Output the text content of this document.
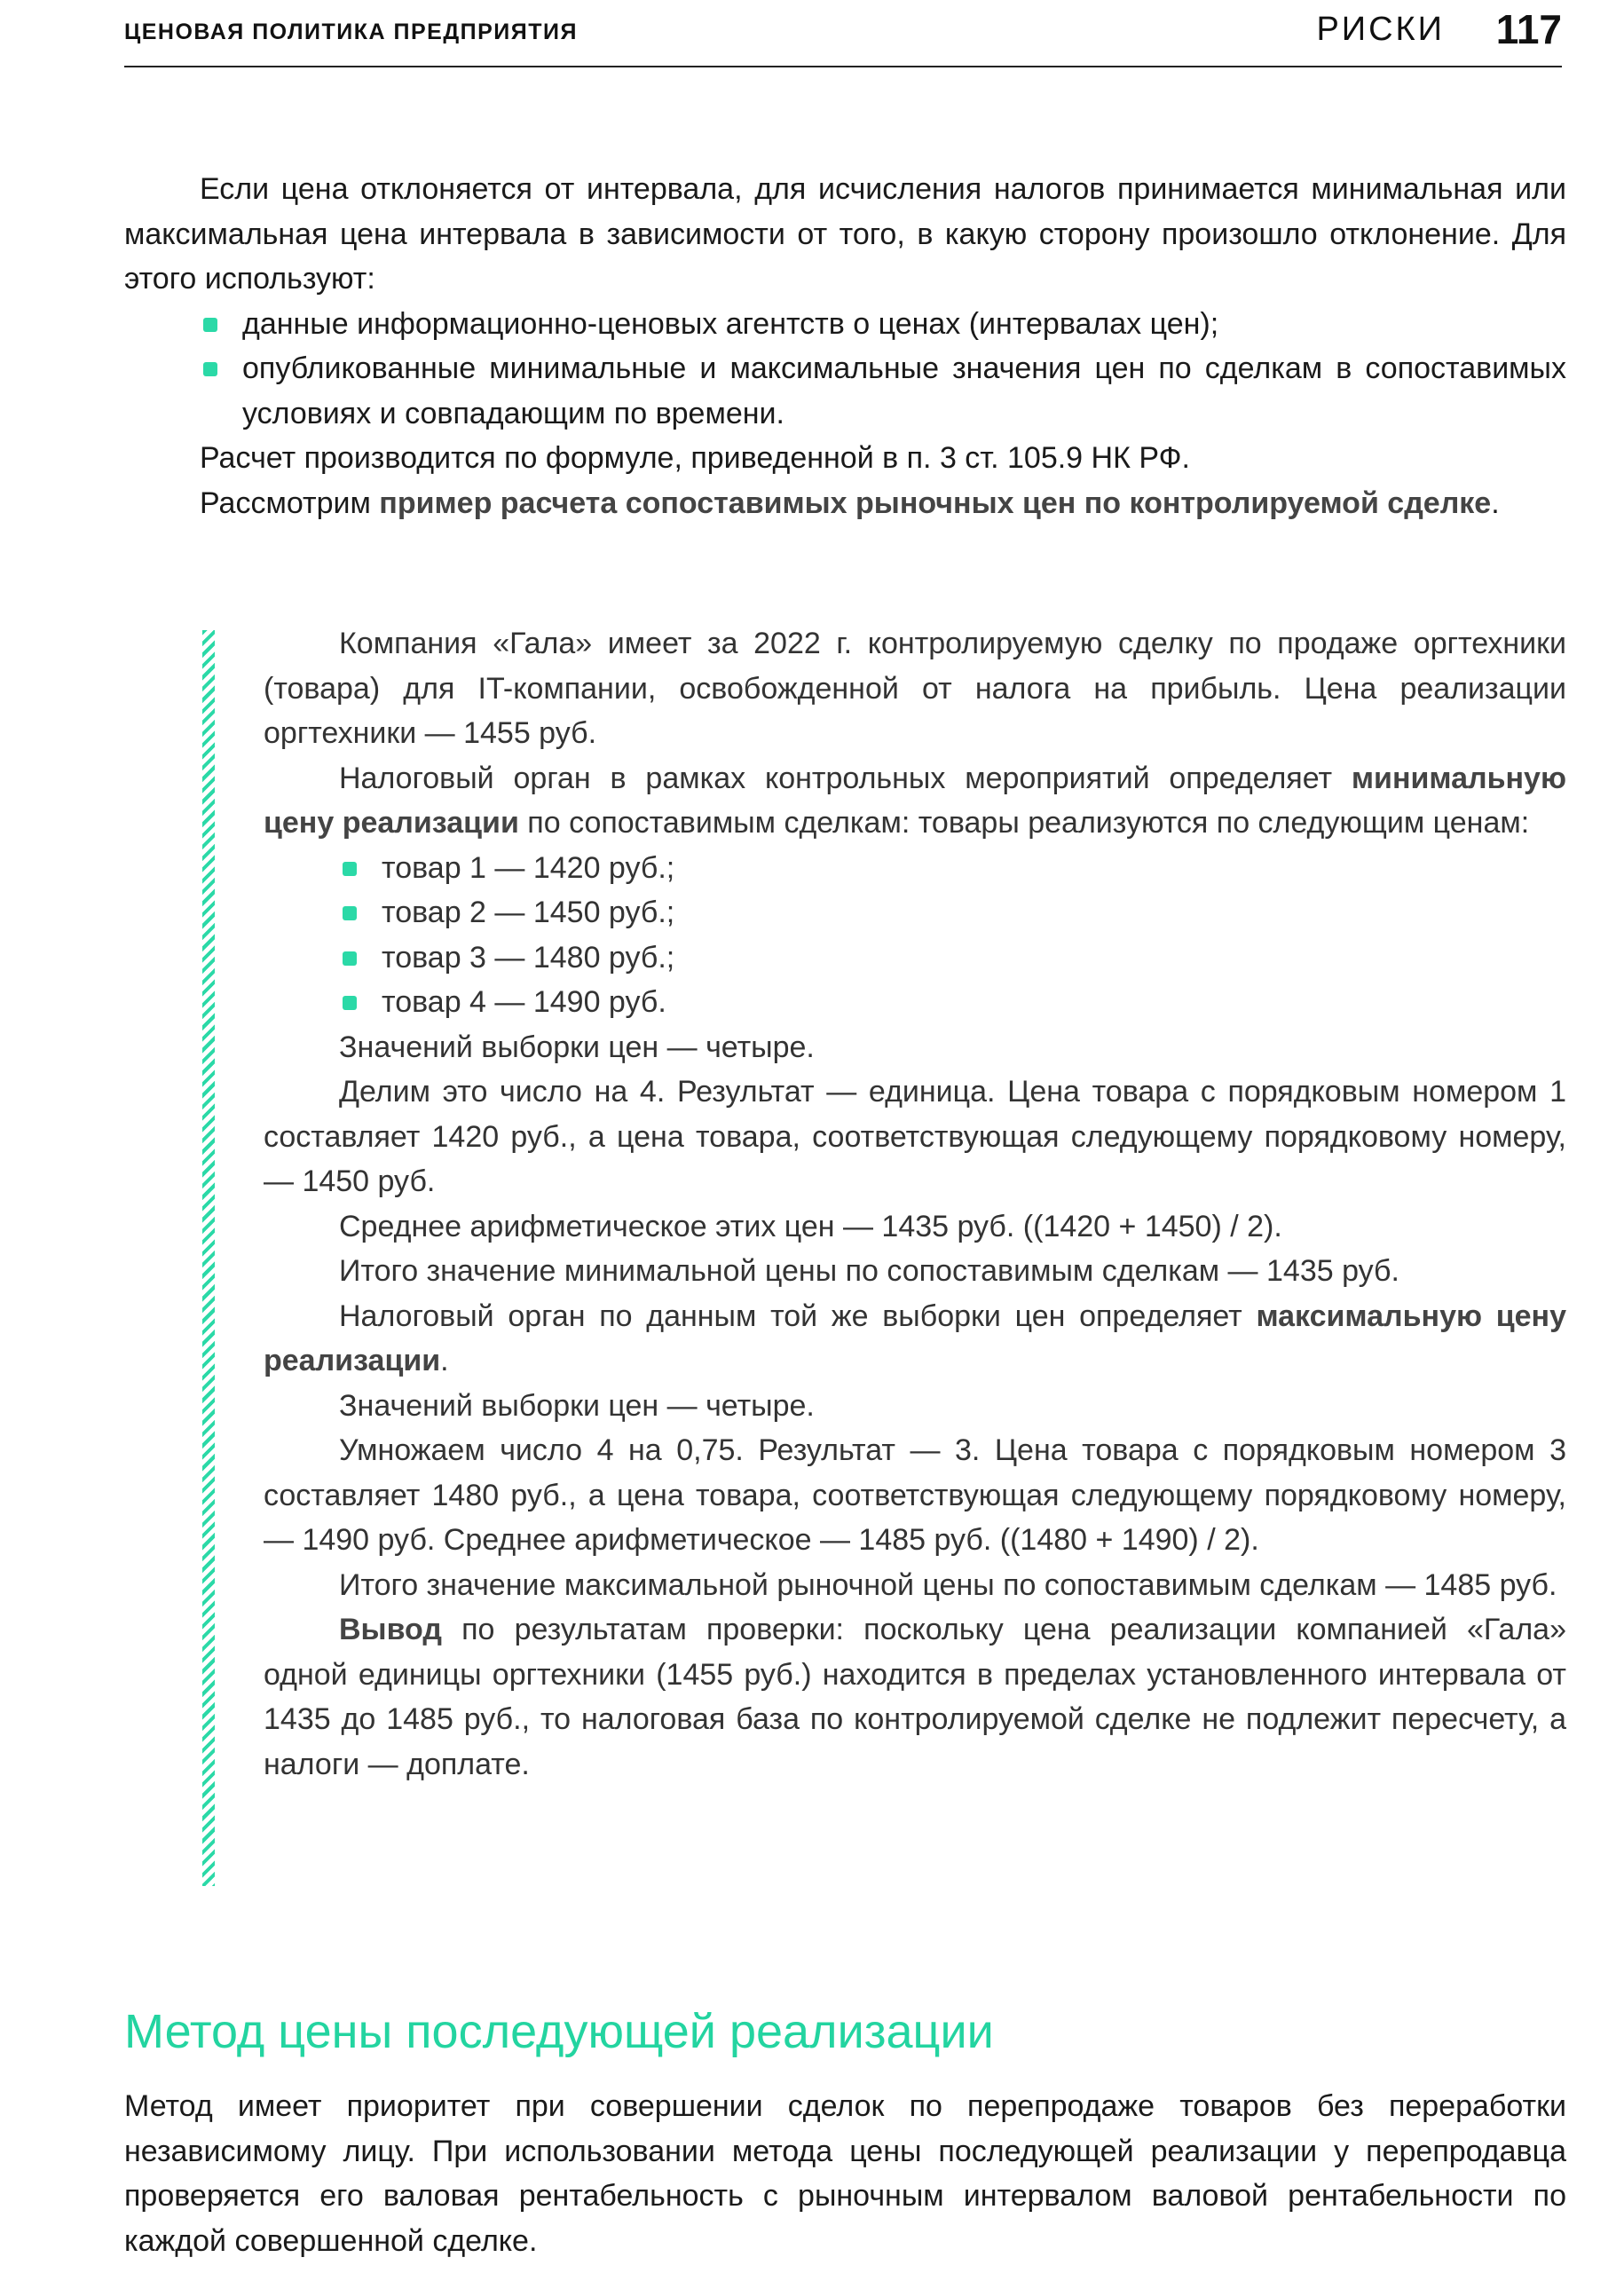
ЦЕНОВАЯ ПОЛИТИКА ПРЕДПРИЯТИЯ	РИСКИ 117

Если цена отклоняется от интервала, для исчисления налогов принимается минимальная или максимальная цена интервала в зависимости от того, в какую сторону произошло отклонение. Для этого используют:

данные информационно-ценовых агентств о ценах (интервалах цен);
опубликованные минимальные и максимальные значения цен по сделкам в сопоставимых условиях и совпадающим по времени.

Расчет производится по формуле, приведенной в п. 3 ст. 105.9 НК РФ.

Рассмотрим пример расчета сопоставимых рыночных цен по контролируемой сделке.

Компания «Гала» имеет за 2022 г. контролируемую сделку по продаже оргтехники (товара) для IT-компании, освобожденной от налога на прибыль. Цена реализации оргтехники — 1455 руб.

Налоговый орган в рамках контрольных мероприятий определяет минимальную цену реализации по сопоставимым сделкам: товары реализуются по следующим ценам:

товар 1 — 1420 руб.;
товар 2 — 1450 руб.;
товар 3 — 1480 руб.;
товар 4 — 1490 руб.

Значений выборки цен — четыре.

Делим это число на 4. Результат — единица. Цена товара с порядковым номером 1 составляет 1420 руб., а цена товара, соответствующая следующему порядковому номеру, — 1450 руб.

Среднее арифметическое этих цен — 1435 руб. ((1420 + 1450) / 2).

Итого значение минимальной цены по сопоставимым сделкам — 1435 руб.

Налоговый орган по данным той же выборки цен определяет максимальную цену реализации.

Значений выборки цен — четыре.

Умножаем число 4 на 0,75. Результат — 3. Цена товара с порядковым номером 3 составляет 1480 руб., а цена товара, соответствующая следующему порядковому номеру, — 1490 руб. Среднее арифметическое — 1485 руб. ((1480 + 1490) / 2).

Итого значение максимальной рыночной цены по сопоставимым сделкам — 1485 руб.

Вывод по результатам проверки: поскольку цена реализации компанией «Гала» одной единицы оргтехники (1455 руб.) находится в пределах установленного интервала от 1435 до 1485 руб., то налоговая база по контролируемой сделке не подлежит пересчету, а налоги — доплате.

Метод цены последующей реализации

Метод имеет приоритет при совершении сделок по перепродаже товаров без переработки независимому лицу. При использовании метода цены последующей реализации у перепродавца проверяется его валовая рентабельность с рыночным интервалом валовой рентабельности по каждой совершенной сделке.
